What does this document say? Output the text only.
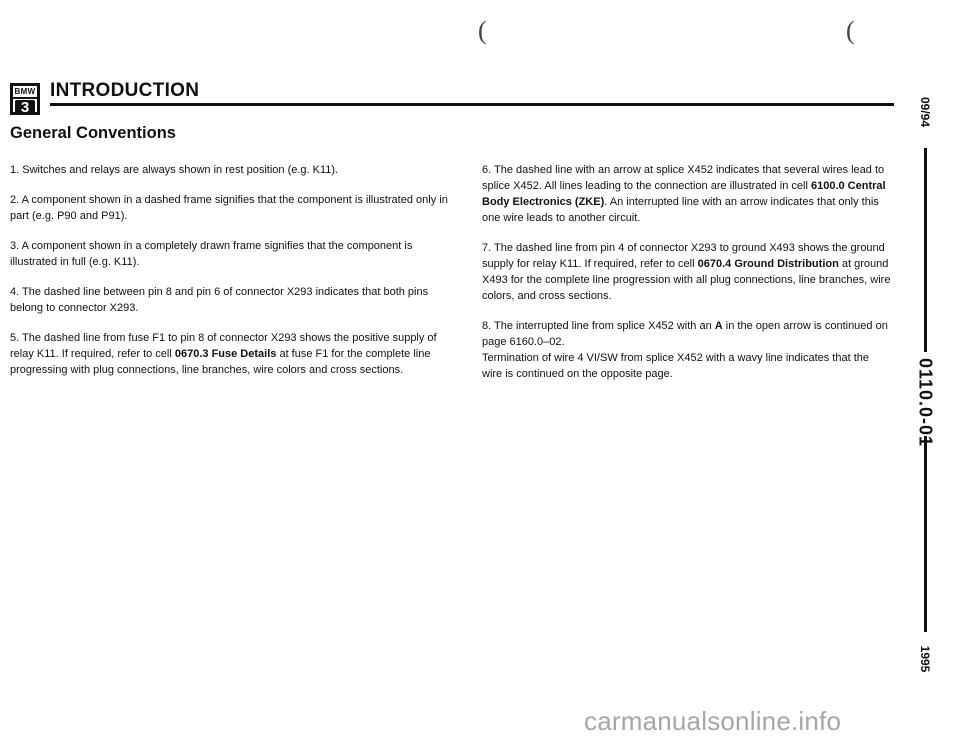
(	(
BMW
3
INTRODUCTION
General Conventions

1. Switches and relays are always shown in rest position (e.g. K11).

2. A component shown in a dashed frame signifies that the component is illustrated only in part (e.g. P90 and P91).

3. A component shown in a completely drawn frame signifies that the component is illustrated in full (e.g. K11).

4. The dashed line between pin 8 and pin 6 of connector X293 indicates that both pins belong to connector X293.

5. The dashed line from fuse F1 to pin 8 of connector X293 shows the positive supply of relay K11. If required, refer to cell 0670.3 Fuse Details at fuse F1 for the complete line progressing with plug connections, line branches, wire colors and cross sections.

6. The dashed line with an arrow at splice X452 indicates that several wires lead to splice X452. All lines leading to the connection are illustrated in cell 6100.0 Central Body Electronics (ZKE). An interrupted line with an arrow indicates that only this one wire leads to another circuit.

7. The dashed line from pin 4 of connector X293 to ground X493 shows the ground supply for relay K11. If required, refer to cell 0670.4 Ground Distribution at ground X493 for the complete line progression with all plug connections, line branches, wire colors, and cross sections.

8. The interrupted line from splice X452 with an A in the open arrow is continued on page 6160.0–02.
Termination of wire 4 VI/SW from splice X452 with a wavy line indicates that the wire is continued on the opposite page.

09/94
0110.0-01
1995
carmanualsonline.info
